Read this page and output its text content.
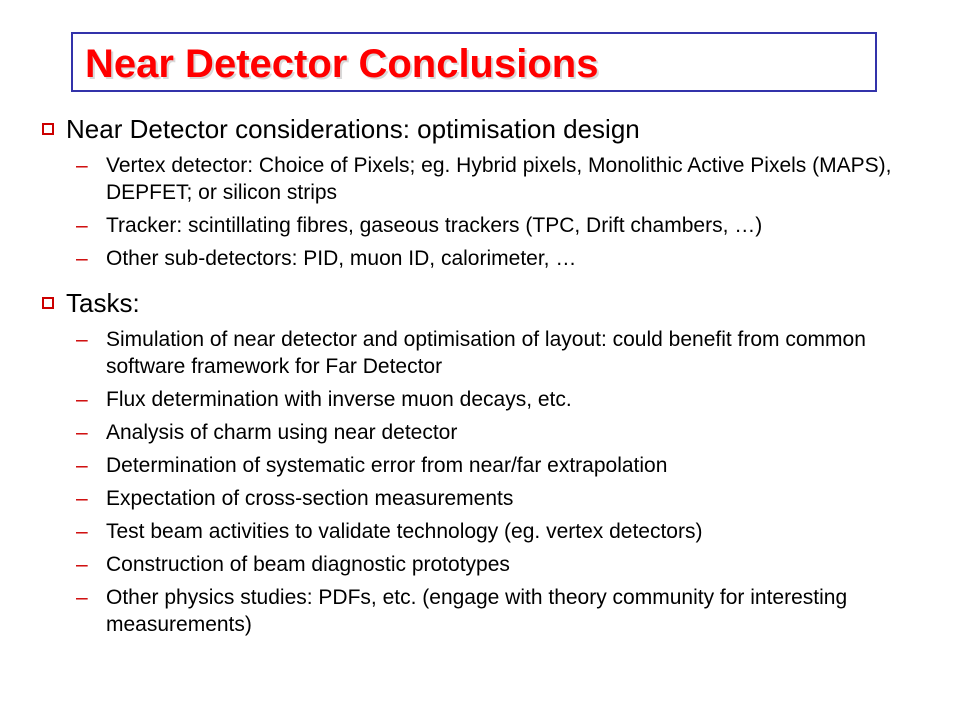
Near Detector Conclusions
Near Detector considerations: optimisation design
– Vertex detector: Choice of Pixels; eg. Hybrid pixels, Monolithic Active Pixels (MAPS), DEPFET; or silicon strips
– Tracker: scintillating fibres, gaseous trackers (TPC, Drift chambers, …)
– Other sub-detectors: PID, muon ID, calorimeter, …
Tasks:
– Simulation of near detector and optimisation of layout: could benefit from common software framework for Far Detector
– Flux determination with inverse muon decays, etc.
– Analysis of charm using near detector
– Determination of systematic error from near/far extrapolation
– Expectation of cross-section measurements
– Test beam activities to validate technology (eg. vertex detectors)
– Construction of beam diagnostic prototypes
– Other physics studies: PDFs, etc. (engage with theory community for interesting measurements)
